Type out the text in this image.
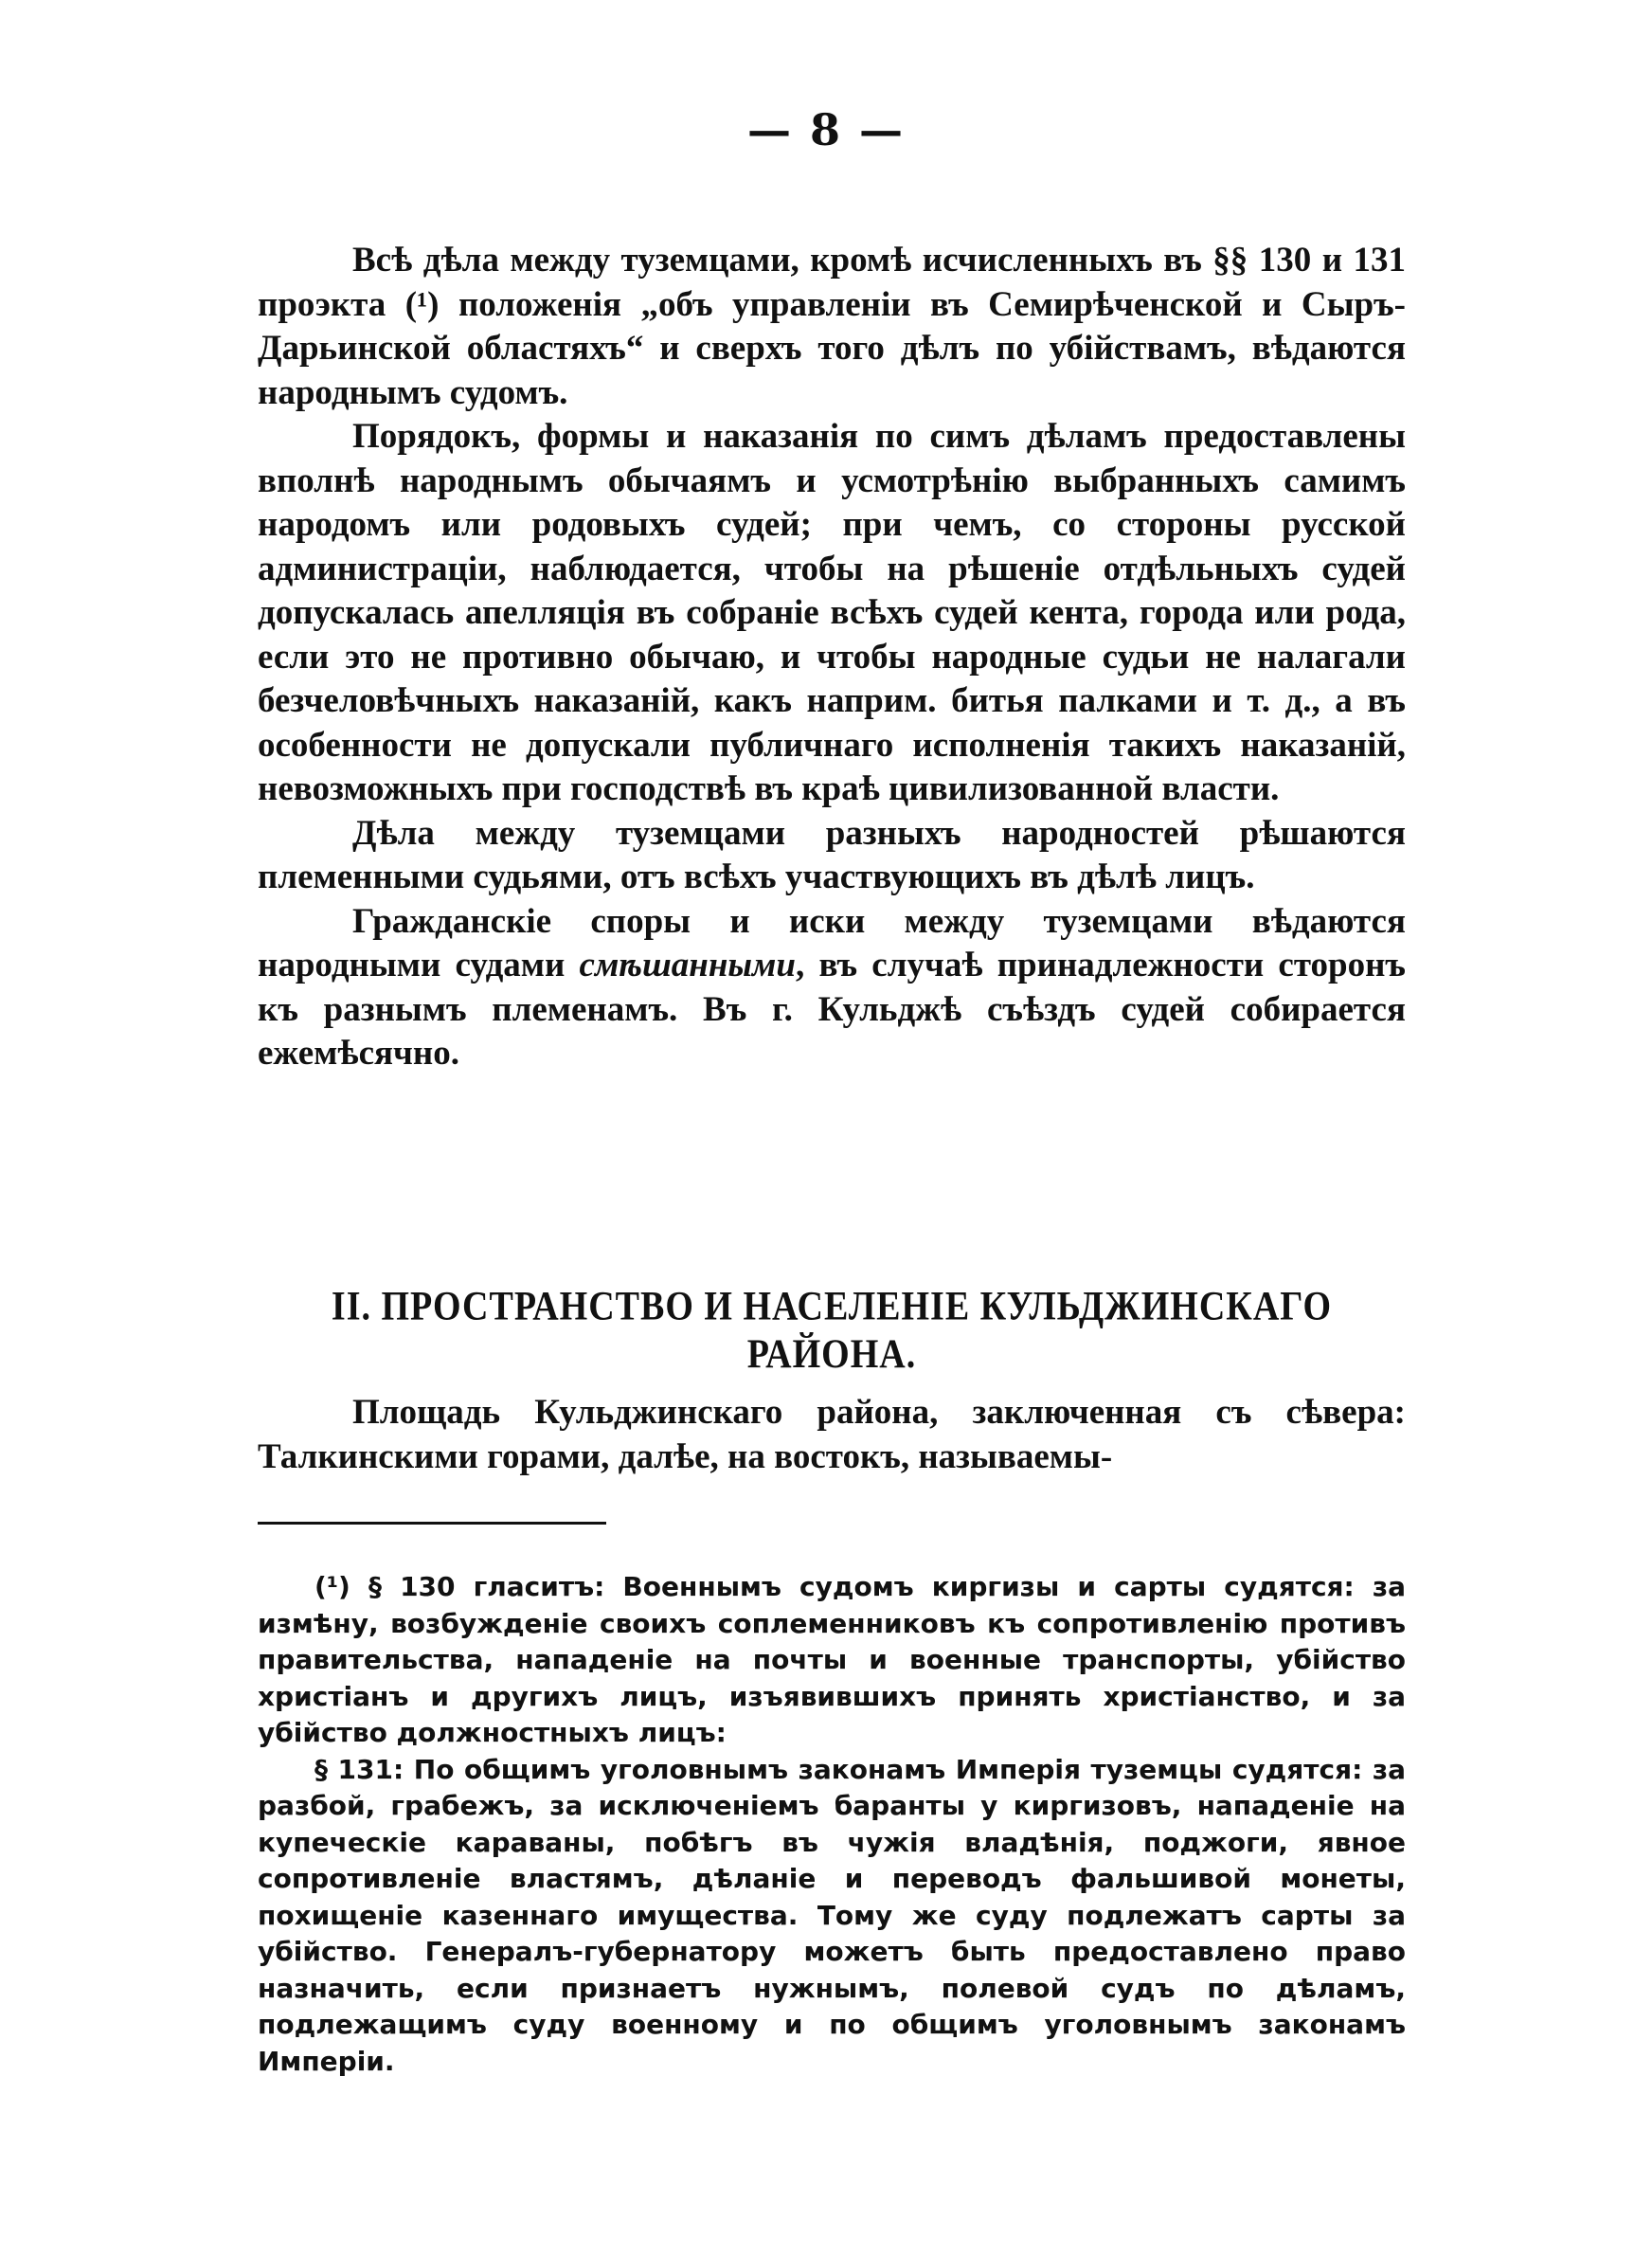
— 8 —

Всѣ дѣла между туземцами, кромѣ исчисленныхъ въ §§ 130 и 131 проэкта (¹) положенія „объ управленіи въ Семирѣченской и Сыръ-Дарьинской областяхъ“ и сверхъ того дѣлъ по убійствамъ, вѣдаются народнымъ судомъ.

Порядокъ, формы и наказанія по симъ дѣламъ предоставлены вполнѣ народнымъ обычаямъ и усмотрѣнію выбранныхъ самимъ народомъ или родовыхъ судей; при чемъ, со стороны русской администраціи, наблюдается, чтобы на рѣшеніе отдѣльныхъ судей допускалась апелляція въ собраніе всѣхъ судей кента, города или рода, если это не противно обычаю, и чтобы народные судьи не налагали безчеловѣчныхъ наказаній, какъ наприм. битья палками и т. д., а въ особенности не допускали публичнаго исполненія такихъ наказаній, невозможныхъ при господствѣ въ краѣ цивилизованной власти.

Дѣла между туземцами разныхъ народностей рѣшаются племенными судьями, отъ всѣхъ участвующихъ въ дѣлѣ лицъ.

Гражданскіе споры и иски между туземцами вѣдаются народными судами смѣшанными, въ случаѣ принадлежности сторонъ къ разнымъ племенамъ. Въ г. Кульджѣ съѣздъ судей собирается ежемѣсячно.

II. ПРОСТРАНСТВО И НАСЕЛЕНІЕ КУЛЬДЖИНСКАГО РАЙОНА.

Площадь Кульджинскаго района, заключенная съ сѣвера: Талкинскими горами, далѣе, на востокъ, называемы-

(¹) § 130 гласитъ: Военнымъ судомъ киргизы и сарты судятся: за измѣну, возбужденіе своихъ соплеменниковъ къ сопротивленію противъ правительства, нападеніе на почты и военные транспорты, убійство христіанъ и другихъ лицъ, изъявившихъ принять христіанство, и за убійство должностныхъ лицъ:

§ 131: По общимъ уголовнымъ законамъ Имперія туземцы судятся: за разбой, грабежъ, за исключеніемъ баранты у киргизовъ, нападеніе на купеческіе караваны, побѣгъ въ чужія владѣнія, поджоги, явное сопротивленіе властямъ, дѣланіе и переводъ фальшивой монеты, похищеніе казеннаго имущества. Тому же суду подлежатъ сарты за убійство. Генералъ-губернатору можетъ быть предоставлено право назначить, если признаетъ нужнымъ, полевой судъ по дѣламъ, подлежащимъ суду военному и по общимъ уголовнымъ законамъ Имперіи.
